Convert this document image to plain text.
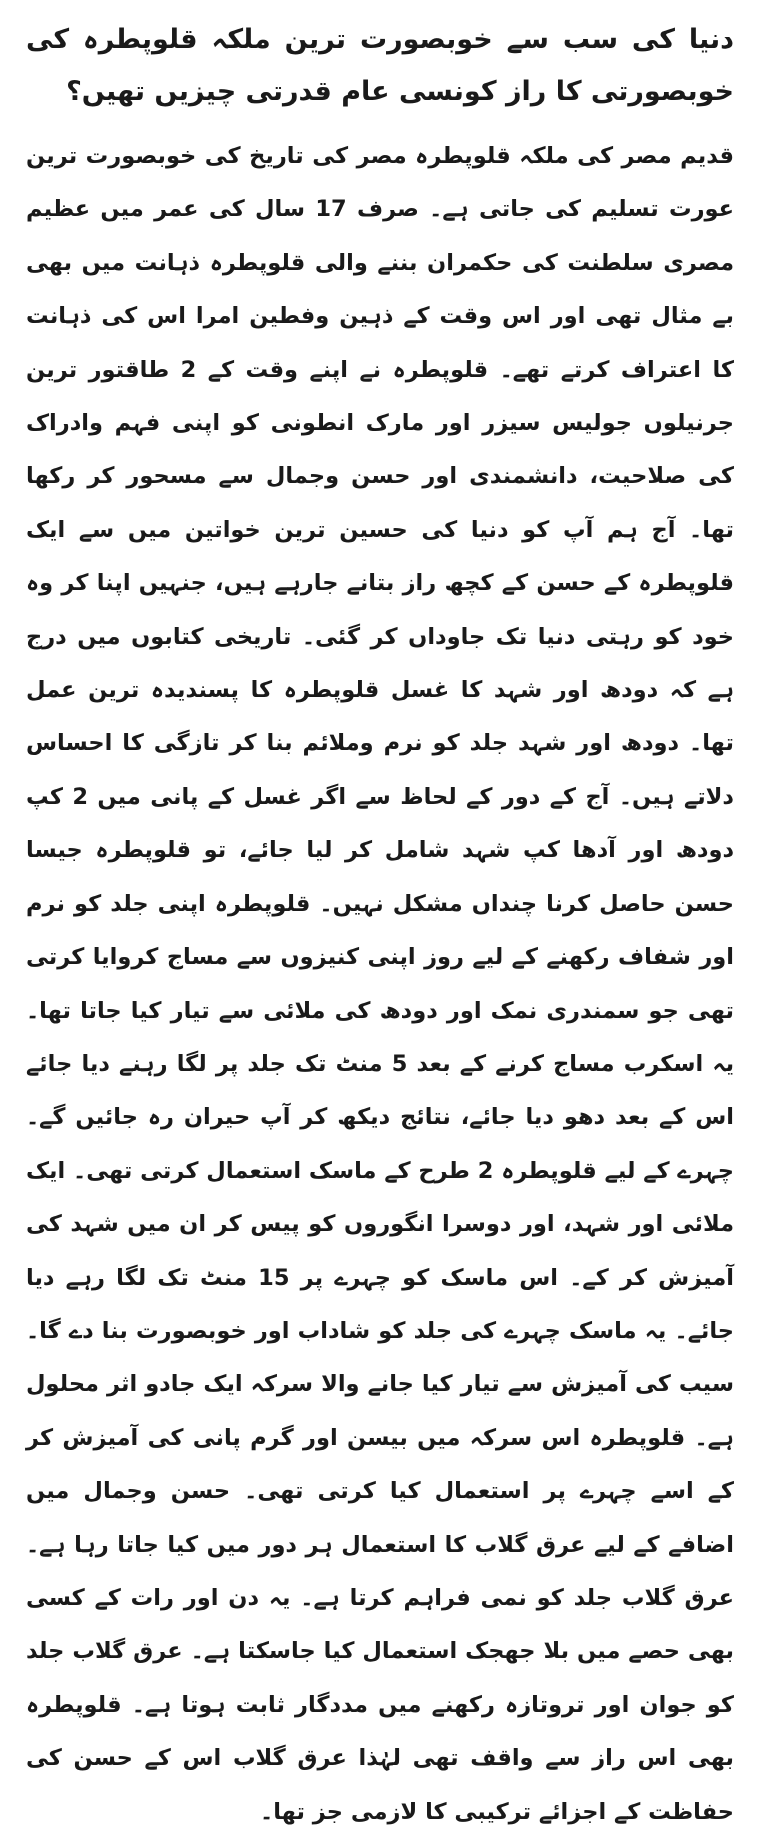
دنیا کی سب سے خوبصورت ترین ملکہ قلوپطرہ کی خوبصورتی کا راز کونسی عام قدرتی چیزیں تھیں؟

قدیم مصر کی ملکہ قلوپطرہ مصر کی تاریخ کی خوبصورت ترین عورت تسلیم کی جاتی ہے۔ صرف 17 سال کی عمر میں عظیم مصری سلطنت کی حکمران بننے والی قلوپطرہ ذہانت میں بھی بے مثال تھی اور اس وقت کے ذہین وفطین امرا اس کی ذہانت کا اعتراف کرتے تھے۔ قلوپطرہ نے اپنے وقت کے 2 طاقتور ترین جرنیلوں جولیس سیزر اور مارک انطونی کو اپنی فہم وادراک کی صلاحیت، دانشمندی اور حسن وجمال سے مسحور کر رکھا تھا۔ آج ہم آپ کو دنیا کی حسین ترین خواتین میں سے ایک قلوپطرہ کے حسن کے کچھ راز بتانے جارہے ہیں، جنہیں اپنا کر وہ خود کو رہتی دنیا تک جاوداں کر گئی۔ تاریخی کتابوں میں درج ہے کہ دودھ اور شہد کا غسل قلوپطرہ کا پسندیدہ ترین عمل تھا۔ دودھ اور شہد جلد کو نرم وملائم بنا کر تازگی کا احساس دلاتے ہیں۔ آج کے دور کے لحاظ سے اگر غسل کے پانی میں 2 کپ دودھ اور آدھا کپ شہد شامل کر لیا جائے، تو قلوپطرہ جیسا حسن حاصل کرنا چنداں مشکل نہیں۔ قلوپطرہ اپنی جلد کو نرم اور شفاف رکھنے کے لیے روز اپنی کنیزوں سے مساج کروایا کرتی تھی جو سمندری نمک اور دودھ کی ملائی سے تیار کیا جاتا تھا۔ یہ اسکرب مساج کرنے کے بعد 5 منٹ تک جلد پر لگا رہنے دیا جائے اس کے بعد دھو دیا جائے، نتائج دیکھ کر آپ حیران رہ جائیں گے۔ چہرے کے لیے قلوپطرہ 2 طرح کے ماسک استعمال کرتی تھی۔ ایک ملائی اور شہد، اور دوسرا انگوروں کو پیس کر ان میں شہد کی آمیزش کر کے۔ اس ماسک کو چہرے پر 15 منٹ تک لگا رہے دیا جائے۔ یہ ماسک چہرے کی جلد کو شاداب اور خوبصورت بنا دے گا۔ سیب کی آمیزش سے تیار کیا جانے والا سرکہ ایک جادو اثر محلول ہے۔ قلوپطرہ اس سرکہ میں بیسن اور گرم پانی کی آمیزش کر کے اسے چہرے پر استعمال کیا کرتی تھی۔ حسن وجمال میں اضافے کے لیے عرق گلاب کا استعمال ہر دور میں کیا جاتا رہا ہے۔ عرق گلاب جلد کو نمی فراہم کرتا ہے۔ یہ دن اور رات کے کسی بھی حصے میں بلا جھجک استعمال کیا جاسکتا ہے۔ عرق گلاب جلد کو جوان اور تروتازہ رکھنے میں مددگار ثابت ہوتا ہے۔ قلوپطرہ بھی اس راز سے واقف تھی لہٰذا عرق گلاب اس کے حسن کی حفاظت کے اجزائے ترکیبی کا لازمی جز تھا۔
